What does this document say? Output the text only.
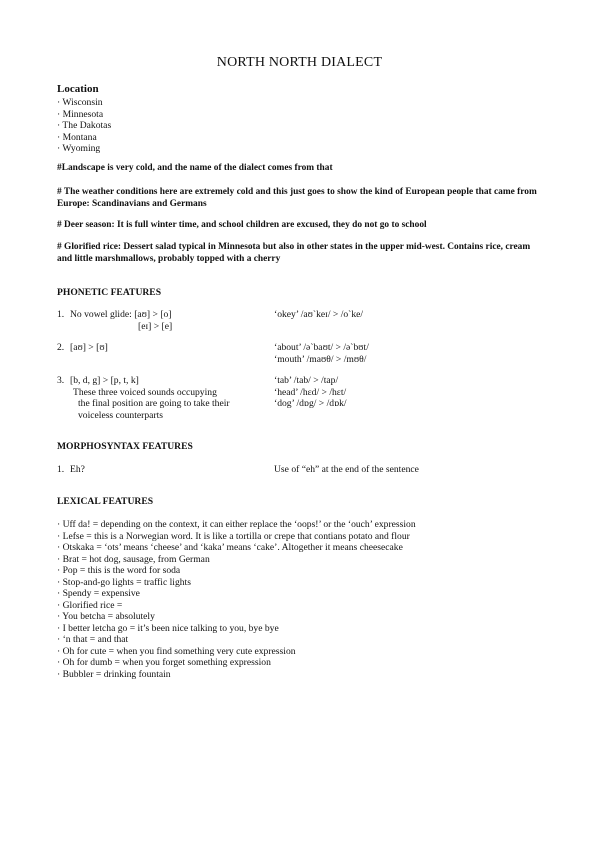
NORTH NORTH DIALECT
Location
· Wisconsin
· Minnesota
· The Dakotas
· Montana
· Wyoming
#Landscape is very cold, and the name of the dialect comes from that
# The weather conditions here are extremely cold and this just goes to show the kind of European people that came from Europe: Scandinavians and Germans
# Deer season: It is full winter time, and school children are excused, they do not go to school
# Glorified rice: Dessert salad typical in Minnesota but also in other states in the upper mid-west. Contains rice, cream and little marshmallows, probably topped with a cherry
PHONETIC FEATURES
1. No vowel glide: [aʊ] > [o]
[eɪ] > [e]
‘okey’ /aʊ`keɪ/ > /o`ke/
2. [aʊ] > [ʊ]	‘about’ /ə`baʊt/ > /ə`bʊt/
‘mouth’ /maʊθ/ > /mʊθ/
3. [b, d, g] > [p, t, k]
These three voiced sounds occupying
the final position are going to take their
voiceless counterparts
‘tab’ /tab/ > /tap/
‘head’ /hɛd/ > /hɛt/
‘dog’ /dɒg/ > /dɒk/
MORPHOSYNTAX FEATURES
1. Eh?	Use of “eh” at the end of the sentence
LEXICAL FEATURES
· Uff da! = depending on the context, it can either replace the ‘oops!’ or the ‘ouch’ expression
· Lefse = this is a Norwegian word. It is like a tortilla or crepe that contians potato and flour
· Otskaka = ‘ots’ means ‘cheese’ and ‘kaka’ means ‘cake’. Altogether it means cheesecake
· Brat = hot dog, sausage, from German
· Pop = this is the word for soda
· Stop-and-go lights = traffic lights
· Spendy = expensive
· Glorified rice =
· You betcha = absolutely
· I better letcha go = it’s been nice talking to you, bye bye
· ‘n that = and that
· Oh for cute = when you find something very cute expression
· Oh for dumb = when you forget something expression
· Bubbler = drinking fountain
